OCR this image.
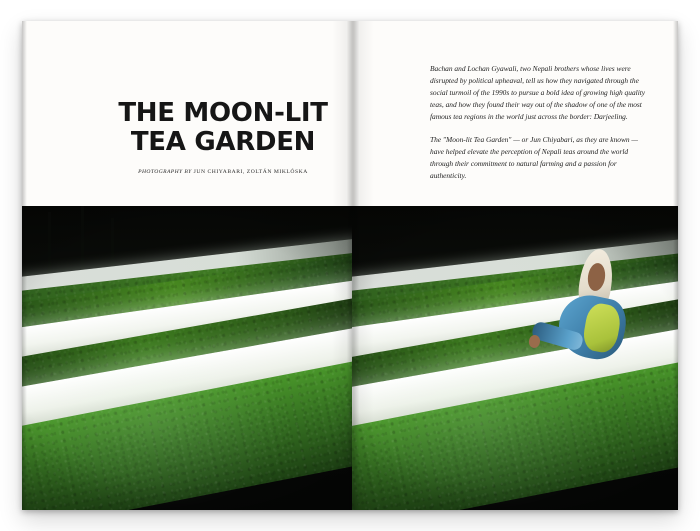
THE MOON-LIT
TEA GARDEN
PHOTOGRAPHY BY JUN CHIYABARI, ZOLTÁN MIKLÓSKA

Bachan and Lochan Gyawali, two Nepali brothers whose lives were disrupted by political upheaval, tell us how they navigated through the social turmoil of the 1990s to pursue a bold idea of growing high quality teas, and how they found their way out of the shadow of one of the most famous tea regions in the world just across the border: Darjeeling.

The "Moon-lit Tea Garden" — or Jun Chiyabari, as they are known — have helped elevate the perception of Nepali teas around the world through their commitment to natural farming and a passion for authenticity.
